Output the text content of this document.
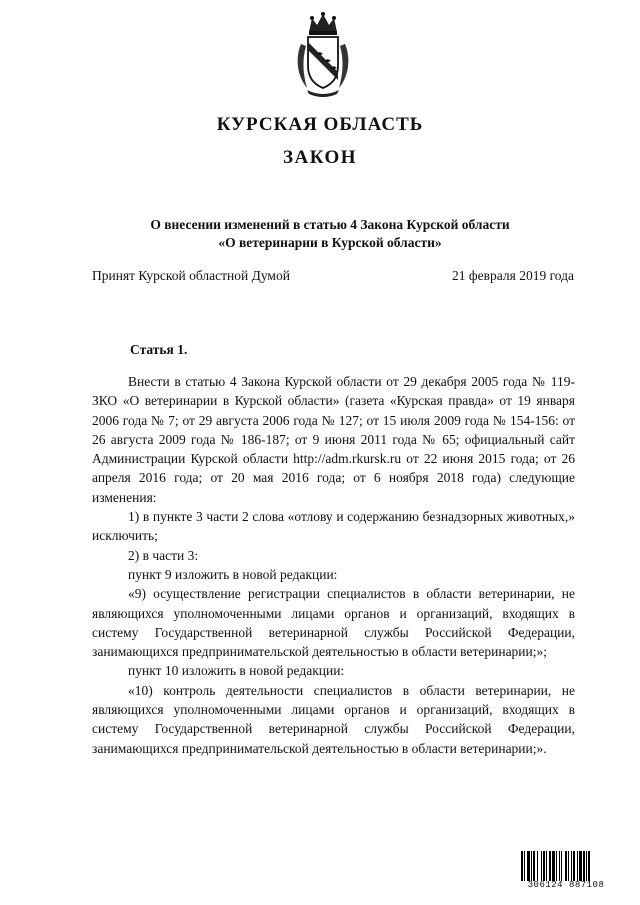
КУРСКАЯ ОБЛАСТЬ
ЗАКОН
О внесении изменений в статью 4 Закона Курской области
«О ветеринарии в Курской области»
Принят Курской областной Думой	21 февраля 2019 года
Статья 1.

Внести в статью 4 Закона Курской области от 29 декабря 2005 года № 119-ЗКО «О ветеринарии в Курской области» (газета «Курская правда» от 19 января 2006 года № 7; от 29 августа 2006 года № 127; от 15 июля 2009 года № 154-156: от 26 августа 2009 года № 186-187; от 9 июня 2011 года № 65; официальный сайт Администрации Курской области http://adm.rkursk.ru от 22 июня 2015 года; от 26 апреля 2016 года; от 20 мая 2016 года; от 6 ноября 2018 года) следующие изменения:

1) в пункте 3 части 2 слова «отлову и содержанию безнадзорных животных,» исключить;

2) в части 3:

пункт 9 изложить в новой редакции:

«9) осуществление регистрации специалистов в области ветеринарии, не являющихся уполномоченными лицами органов и организаций, входящих в систему Государственной ветеринарной службы Российской Федерации, занимающихся предпринимательской деятельностью в области ветеринарии;»;

пункт 10 изложить в новой редакции:

«10) контроль деятельности специалистов в области ветеринарии, не являющихся уполномоченными лицами органов и организаций, входящих в систему Государственной ветеринарной службы Российской Федерации, занимающихся предпринимательской деятельностью в области ветеринарии;».

306124 887108
